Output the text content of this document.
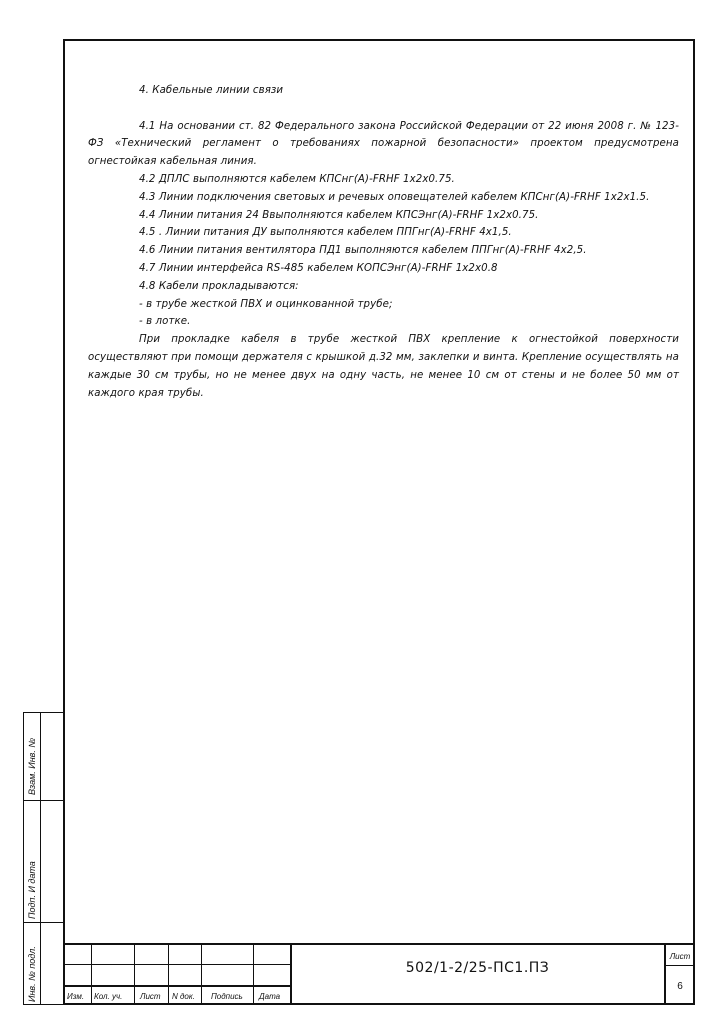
4. Кабельные линии связи

4.1 На основании ст. 82 Федерального закона Российской Федерации от 22 июня 2008 г. № 123-ФЗ «Технический регламент о требованиях пожарной безопасности» проектом предусмотрена огнестойкая кабельная линия.

4.2 ДПЛС выполняются кабелем КПСнг(А)-FRHF 1х2х0.75.

4.3 Линии подключения световых и речевых оповещателей кабелем КПСнг(А)-FRHF 1х2х1.5.

4.4 Линии питания 24 Ввыполняются кабелем КПСЭнг(А)-FRHF 1х2х0.75.

4.5 . Линии питания ДУ выполняются кабелем ППГнг(А)-FRHF 4х1,5.

4.6 Линии питания вентилятора ПД1 выполняются кабелем ППГнг(А)-FRHF 4х2,5.

4.7 Линии интерфейса RS-485 кабелем КОПСЭнг(А)-FRHF 1х2х0.8

4.8 Кабели прокладываются:

- в трубе жесткой ПВХ и оцинкованной трубе;

- в лотке.

При прокладке кабеля в трубе жесткой ПВХ крепление к огнестойкой поверхности осуществляют при помощи держателя с крышкой д.32 мм, заклепки и винта. Крепление осуществлять на каждые 30 см трубы, но не менее двух на одну часть, не менее 10 см от стены и не более 50 мм от каждого края трубы.

Взам. Инв. №
Подп. И дата
Инв. № подл.	Изм. Кол. уч. Лист N док. Подпись Дата
502/1-2/25-ПС1.ПЗ
Лист
6
